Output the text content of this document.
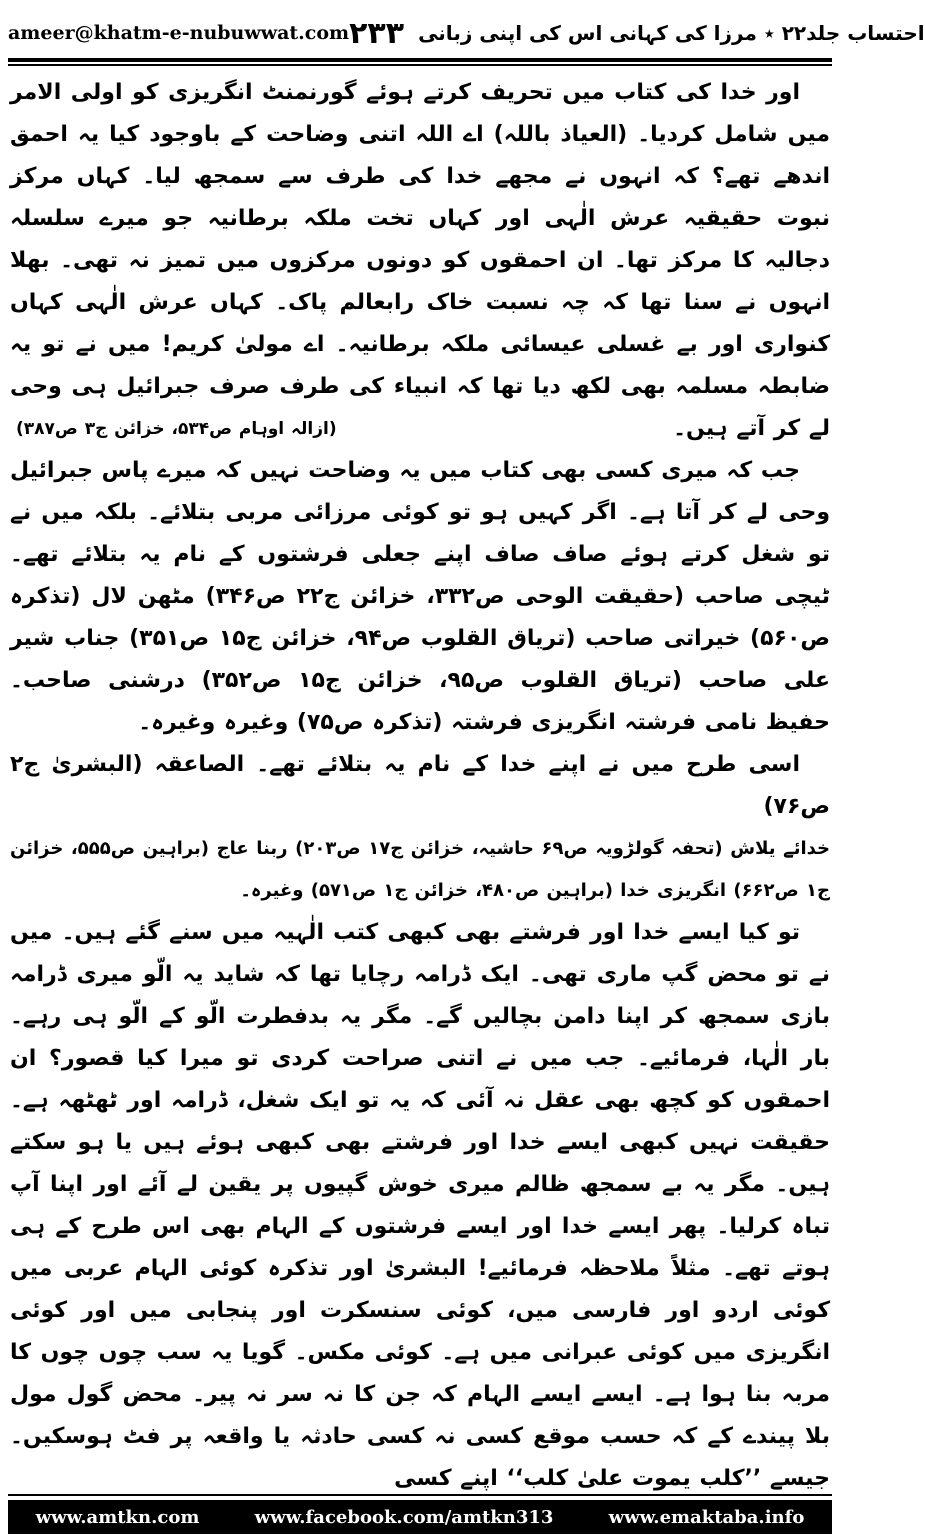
ameer@khatm-e-nubuwwat.com	احتساب جلد۲۲ ٭ مرزا کی کہانی اس کی اپنی زبانی
۲۳۳

اور خدا کی کتاب میں تحریف کرتے ہوئے گورنمنٹ انگریزی کو اولی الامر میں شامل کردیا۔ (العیاذ باللہ) اے اللہ اتنی وضاحت کے باوجود کیا یہ احمق اندھے تھے؟ کہ انہوں نے مجھے خدا کی طرف سے سمجھ لیا۔ کہاں مرکز نبوت حقیقیہ عرش الٰہی اور کہاں تخت ملکہ برطانیہ جو میرے سلسلہ دجالیہ کا مرکز تھا۔ ان احمقوں کو دونوں مرکزوں میں تمیز نہ تھی۔ بھلا انہوں نے سنا تھا کہ چہ نسبت خاک رابعالم پاک۔ کہاں عرش الٰہی کہاں کنواری اور بے غسلی عیسائی ملکہ برطانیہ۔ اے مولیٰ کریم! میں نے تو یہ ضابطہ مسلمہ بھی لکھ دیا تھا کہ انبیاء کی طرف صرف جبرائیل ہی وحی لے کر آتے ہیں۔
(ازالہ اوہام ص۵۳۴، خزائن ج۳ ص۳۸۷)

جب کہ میری کسی بھی کتاب میں یہ وضاحت نہیں کہ میرے پاس جبرائیل وحی لے کر آتا ہے۔ اگر کہیں ہو تو کوئی مرزائی مربی بتلائے۔ بلکہ میں نے تو شغل کرتے ہوئے صاف صاف اپنے جعلی فرشتوں کے نام یہ بتلائے تھے۔ ٹیچی صاحب (حقیقت الوحی ص۳۳۲، خزائن ج۲۲ ص۳۴۶) مٹھن لال (تذکرہ ص۵۶۰) خیراتی صاحب (تریاق القلوب ص۹۴، خزائن ج۱۵ ص۳۵۱) جناب شیر علی صاحب (تریاق القلوب ص۹۵، خزائن ج۱۵ ص۳۵۲) درشنی صاحب۔ حفیظ نامی فرشتہ انگریزی فرشتہ (تذکرہ ص۷۵) وغیرہ وغیرہ۔

اسی طرح میں نے اپنے خدا کے نام یہ بتلائے تھے۔ الصاعقہ (البشریٰ ج۲ ص۷۶)

خدائے یلاش (تحفہ گولڑویہ ص۶۹ حاشیہ، خزائن ج۱۷ ص۲۰۳) ربنا عاج (براہین ص۵۵۵، خزائن ج۱ ص۶۶۲) انگریزی خدا (براہین ص۴۸۰، خزائن ج۱ ص۵۷۱) وغیرہ۔

تو کیا ایسے خدا اور فرشتے بھی کبھی کتب الٰہیہ میں سنے گئے ہیں۔ میں نے تو محض گپ ماری تھی۔ ایک ڈرامہ رچایا تھا کہ شاید یہ الّو میری ڈرامہ بازی سمجھ کر اپنا دامن بچالیں گے۔ مگر یہ بدفطرت الّو کے الّو ہی رہے۔ بار الٰہا، فرمائیے۔ جب میں نے اتنی صراحت کردی تو میرا کیا قصور؟ ان احمقوں کو کچھ بھی عقل نہ آئی کہ یہ تو ایک شغل، ڈرامہ اور ٹھٹھہ ہے۔ حقیقت نہیں کبھی ایسے خدا اور فرشتے بھی کبھی ہوئے ہیں یا ہو سکتے ہیں۔ مگر یہ بے سمجھ ظالم میری خوش گپیوں پر یقین لے آئے اور اپنا آپ تباہ کرلیا۔ پھر ایسے خدا اور ایسے فرشتوں کے الہام بھی اس طرح کے ہی ہوتے تھے۔ مثلاً ملاحظہ فرمائیے! البشریٰ اور تذکرہ کوئی الہام عربی میں کوئی اردو اور فارسی میں، کوئی سنسکرت اور پنجابی میں اور کوئی انگریزی میں کوئی عبرانی میں ہے۔ کوئی مکس۔ گویا یہ سب چوں چوں کا مربہ بنا ہوا ہے۔ ایسے ایسے الہام کہ جن کا نہ سر نہ پیر۔ محض گول مول بلا پیندے کے کہ حسب موقع کسی نہ کسی حادثہ یا واقعہ پر فٹ ہوسکیں۔ جیسے ’’کلب یموت علیٰ کلب‘‘ اپنے کسی

www.amtkn.com	www.facebook.com/amtkn313	www.emaktaba.info
